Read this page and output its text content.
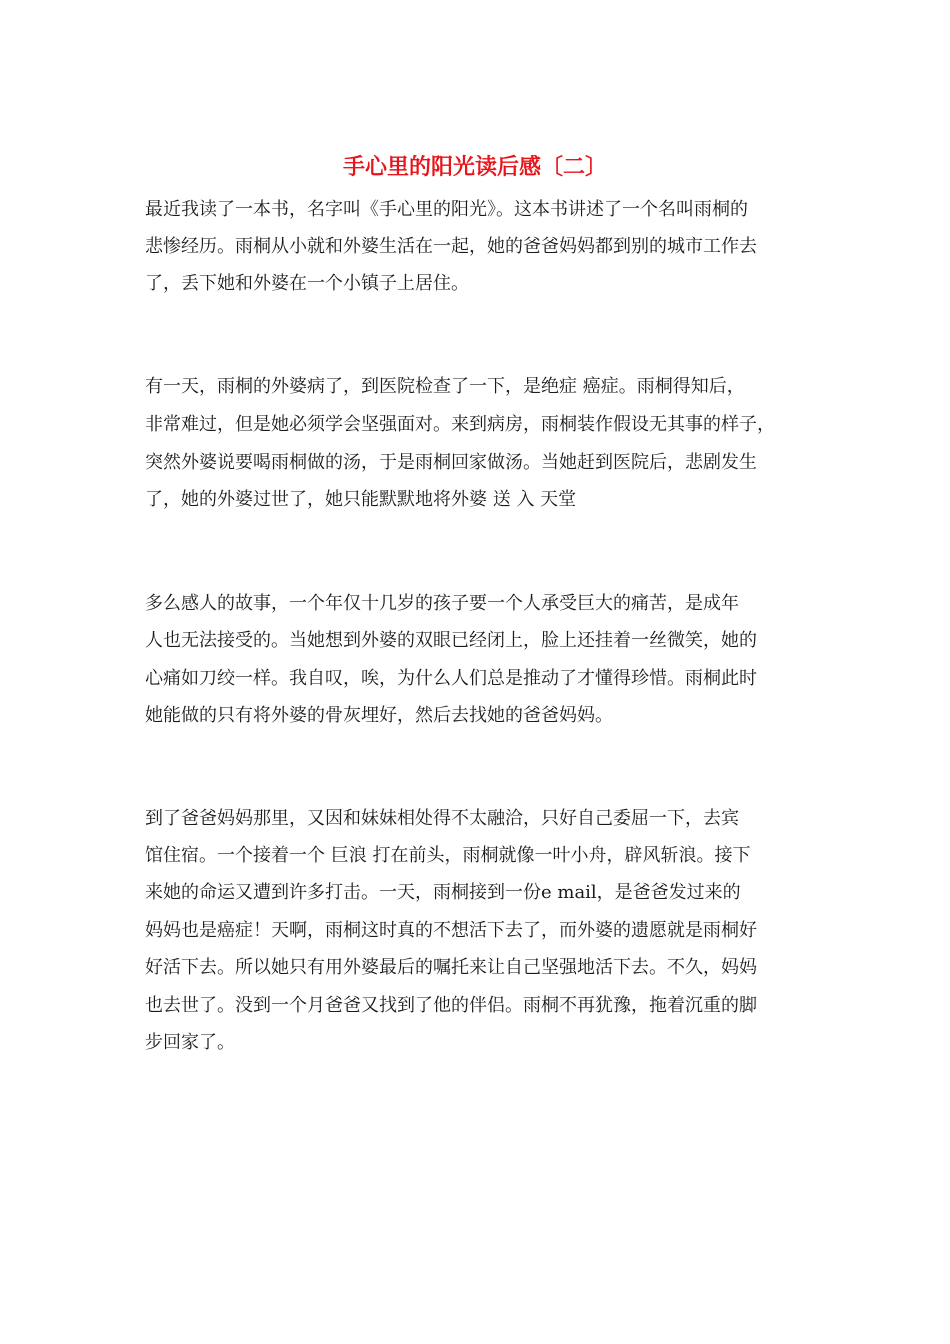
手心里的阳光读后感〔二〕

最近我读了一本书，名字叫《手心里的阳光》。这本书讲述了一个名叫雨桐的

悲惨经历。雨桐从小就和外婆生活在一起，她的爸爸妈妈都到别的城市工作去

了，丢下她和外婆在一个小镇子上居住。

有一天，雨桐的外婆病了，到医院检查了一下，是绝症 癌症。雨桐得知后，

非常难过，但是她必须学会坚强面对。来到病房，雨桐装作假设无其事的样子，

突然外婆说要喝雨桐做的汤，于是雨桐回家做汤。当她赶到医院后，悲剧发生

了，她的外婆过世了，她只能默默地将外婆 送 入 天堂

多么感人的故事，一个年仅十几岁的孩子要一个人承受巨大的痛苦，是成年

人也无法接受的。当她想到外婆的双眼已经闭上，脸上还挂着一丝微笑，她的

心痛如刀绞一样。我自叹，唉，为什么人们总是推动了才懂得珍惜。雨桐此时

她能做的只有将外婆的骨灰埋好，然后去找她的爸爸妈妈。

到了爸爸妈妈那里，又因和妹妹相处得不太融洽，只好自己委屈一下，去宾

馆住宿。一个接着一个 巨浪 打在前头，雨桐就像一叶小舟，辟风斩浪。接下

来她的命运又遭到许多打击。一天，雨桐接到一份e mail，是爸爸发过来的

妈妈也是癌症！天啊，雨桐这时真的不想活下去了，而外婆的遗愿就是雨桐好

好活下去。所以她只有用外婆最后的嘱托来让自己坚强地活下去。不久，妈妈

也去世了。没到一个月爸爸又找到了他的伴侣。雨桐不再犹豫，拖着沉重的脚

步回家了。
